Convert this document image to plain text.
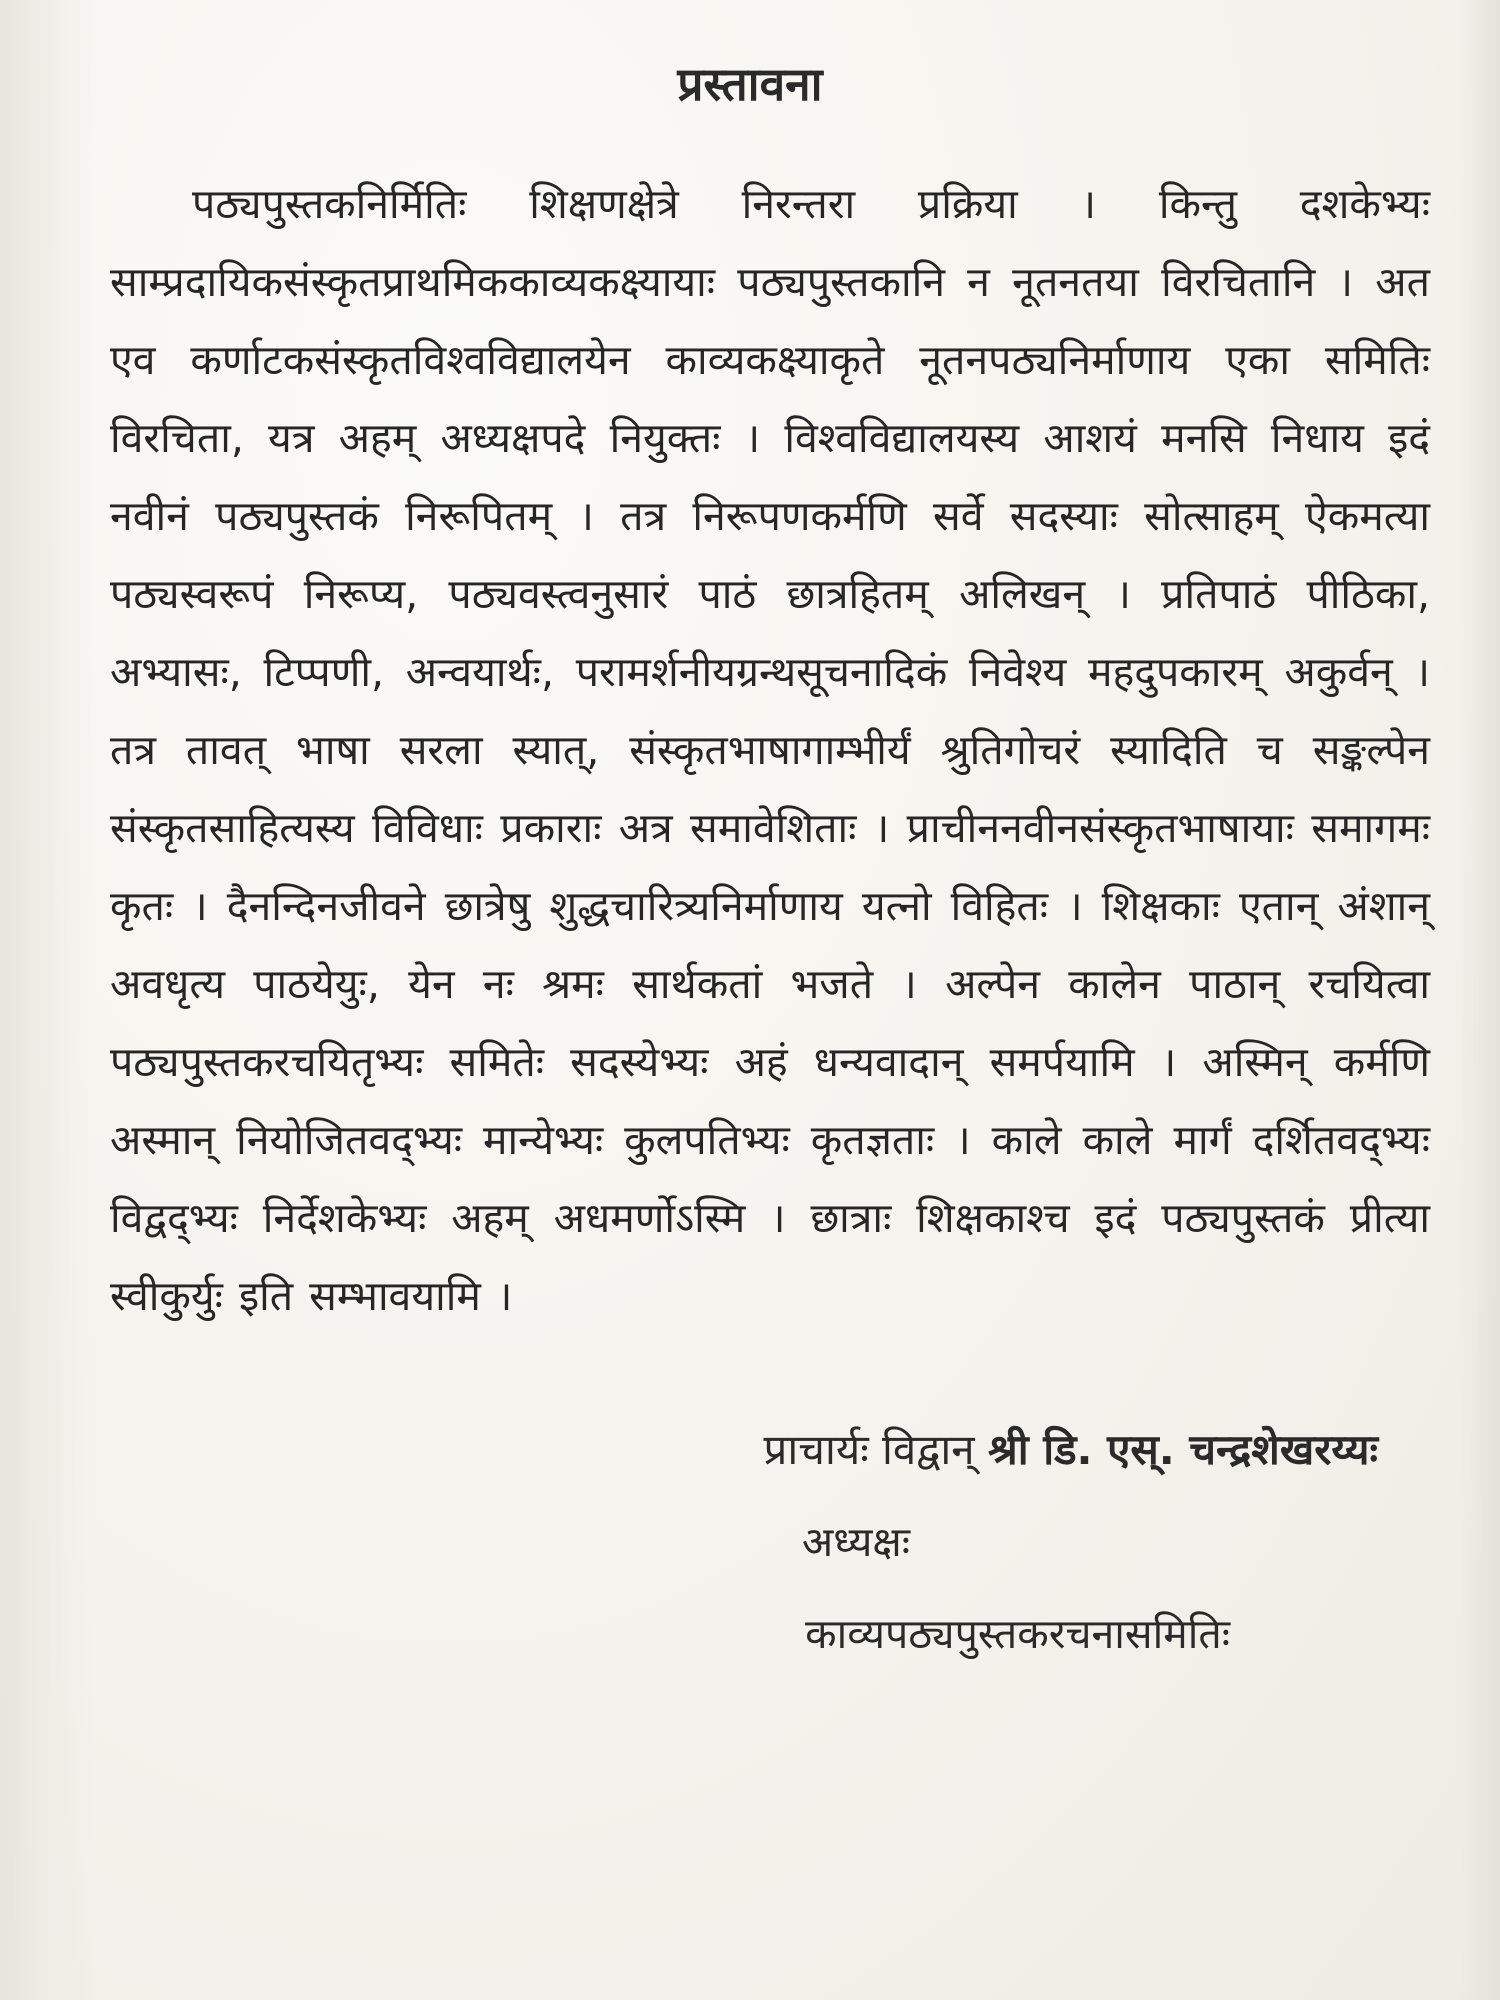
प्रस्तावना

पठ्यपुस्तकनिर्मितिः शिक्षणक्षेत्रे निरन्तरा प्रक्रिया । किन्तु दशकेभ्यः साम्प्रदायिकसंस्कृतप्राथमिककाव्यकक्ष्यायाः पठ्यपुस्तकानि न नूतनतया विरचितानि । अत एव कर्णाटकसंस्कृतविश्वविद्यालयेन काव्यकक्ष्याकृते नूतनपठ्यनिर्माणाय एका समितिः विरचिता, यत्र अहम् अध्यक्षपदे नियुक्तः । विश्वविद्यालयस्य आशयं मनसि निधाय इदं नवीनं पठ्यपुस्तकं निरूपितम् । तत्र निरूपणकर्मणि सर्वे सदस्याः सोत्साहम् ऐकमत्या पठ्यस्वरूपं निरूप्य, पठ्यवस्त्वनुसारं पाठं छात्रहितम् अलिखन् । प्रतिपाठं पीठिका, अभ्यासः, टिप्पणी, अन्वयार्थः, परामर्शनीयग्रन्थसूचनादिकं निवेश्य महदुपकारम् अकुर्वन् । तत्र तावत् भाषा सरला स्यात्, संस्कृतभाषागाम्भीर्यं श्रुतिगोचरं स्यादिति च सङ्कल्पेन संस्कृतसाहित्यस्य विविधाः प्रकाराः अत्र समावेशिताः । प्राचीननवीनसंस्कृतभाषायाः समागमः कृतः । दैनन्दिनजीवने छात्रेषु शुद्धचारित्र्यनिर्माणाय यत्नो विहितः । शिक्षकाः एतान् अंशान् अवधृत्य पाठयेयुः, येन नः श्रमः सार्थकतां भजते । अल्पेन कालेन पाठान् रचयित्वा पठ्यपुस्तकरचयितृभ्यः समितेः सदस्येभ्यः अहं धन्यवादान् समर्पयामि । अस्मिन् कर्मणि अस्मान् नियोजितवद्भ्यः मान्येभ्यः कुलपतिभ्यः कृतज्ञताः । काले काले मार्गं दर्शितवद्भ्यः विद्वद्भ्यः निर्देशकेभ्यः अहम् अधमर्णोऽस्मि । छात्राः शिक्षकाश्च इदं पठ्यपुस्तकं प्रीत्या स्वीकुर्युः इति सम्भावयामि ।

प्राचार्यः विद्वान् श्री डि. एस्. चन्द्रशेखरय्यः

अध्यक्षः

काव्यपठ्यपुस्तकरचनासमितिः
